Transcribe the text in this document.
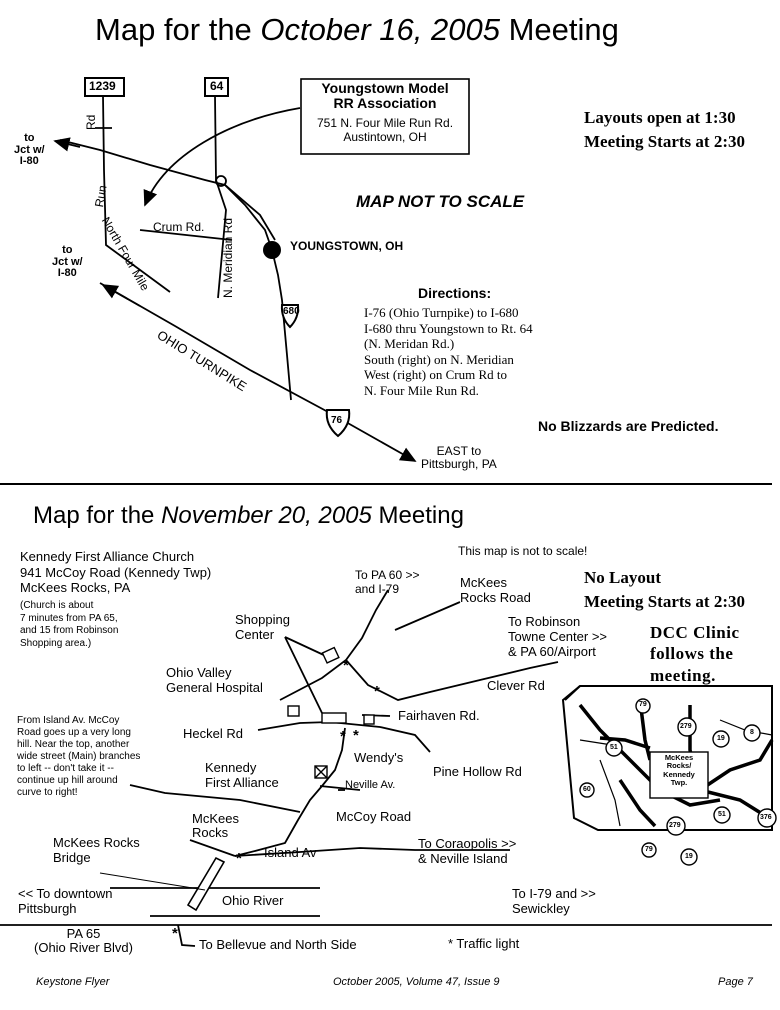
*
*
* *
*
*
Map for the October 16, 2005 Meeting
1239	64
680
76
Youngstown Model
RR Association
751 N. Four Mile Run Rd.
Austintown, OH
Layouts open at 1:30
Meeting Starts at 2:30
MAP NOT TO SCALE
YOUNGSTOWN, OH
to
Jct w/
I-80
to
Jct w/
I-80
Rd
Run
North Four Mile Crum Rd. N. Meridian Rd
OHIO TURNPIKE
Directions:
I-76 (Ohio Turnpike) to I-680
I-680 thru Youngstown to Rt. 64
(N. Meridan Rd.)
South (right) on N. Meridian
West (right) on Crum Rd to
N. Four Mile Run Rd.
No Blizzards are Predicted.
EAST to
Pittsburgh, PA
Map for the November 20, 2005 Meeting
Kennedy First Alliance Church
941 McCoy Road (Kennedy Twp)
McKees Rocks, PA
(Church is about
7 minutes from PA 65,
and 15 from Robinson
Shopping area.)
This map is not to scale!
To PA 60 >>
and I-79	McKees
Rocks Road
No Layout
Meeting Starts at 2:30
DCC Clinic
follows the
meeting.
To Robinson
Towne Center >>
& PA 60/Airport
Shopping
Center
Ohio Valley
General Hospital	Clever Rd
Fairhaven Rd.
Heckel Rd
Wendy's
Pine Hollow Rd
Kennedy
First Alliance	Neville Av.
From Island Av. McCoy
Road goes up a very long
hill. Near the top, another
wide street (Main) branches
to left -- don't take it --
continue up hill around
curve to right!
McKees
Rocks
McCoy Road
McKees Rocks
Bridge	Island Av
To Coraopolis >>
& Neville Island
<< To downtown
Pittsburgh
Ohio River	To I-79 and >>
Sewickley
PA 65
(Ohio River Blvd)	To Bellevue and North Side	* Traffic light
79
279
19
8
51
60
279
51	376
79
19
McKees
Rocks/
Kennedy
Twp.
Keystone Flyer	October 2005, Volume 47, Issue 9	Page 7
